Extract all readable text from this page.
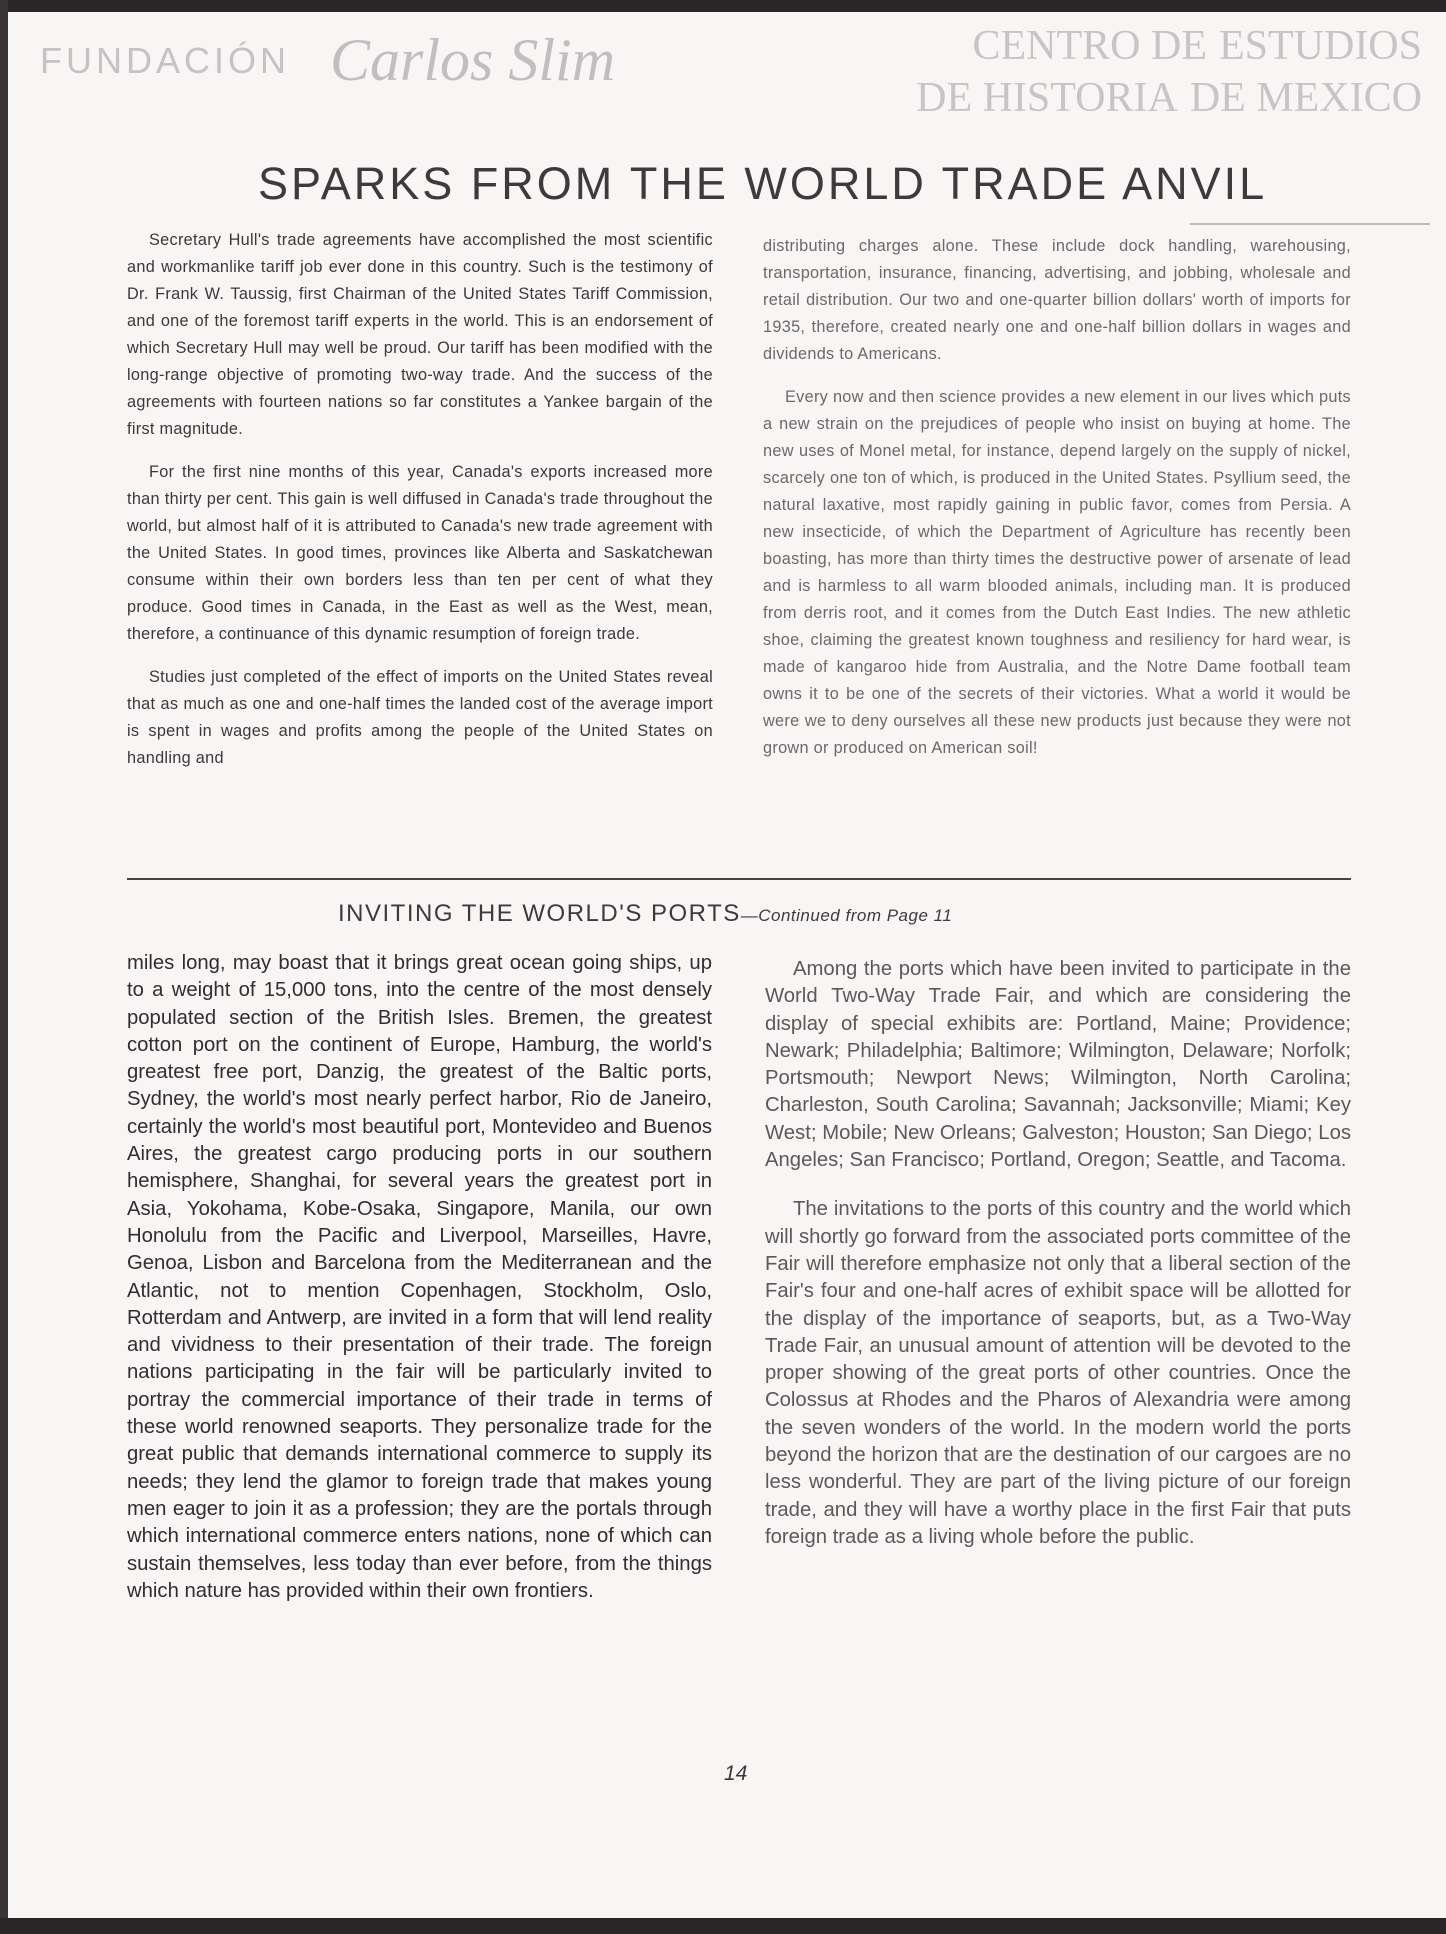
SPARKS FROM THE WORLD TRADE ANVIL

Secretary Hull's trade agreements have accomplished the most scientific and workmanlike tariff job ever done in this country. Such is the testimony of Dr. Frank W. Taussig, first Chairman of the United States Tariff Commission, and one of the foremost tariff experts in the world. This is an endorsement of which Secretary Hull may well be proud. Our tariff has been modified with the long-range objective of promoting two-way trade. And the success of the agreements with fourteen nations so far constitutes a Yankee bargain of the first magnitude.

For the first nine months of this year, Canada's exports increased more than thirty per cent. This gain is well diffused in Canada's trade throughout the world, but almost half of it is attributed to Canada's new trade agreement with the United States. In good times, provinces like Alberta and Saskatchewan consume within their own borders less than ten per cent of what they produce. Good times in Canada, in the East as well as the West, mean, therefore, a continuance of this dynamic resumption of foreign trade.

Studies just completed of the effect of imports on the United States reveal that as much as one and one-half times the landed cost of the average import is spent in wages and profits among the people of the United States on handling and

distributing charges alone. These include dock handling, warehousing, transportation, insurance, financing, advertising, and jobbing, wholesale and retail distribution. Our two and one-quarter billion dollars' worth of imports for 1935, therefore, created nearly one and one-half billion dollars in wages and dividends to Americans.

Every now and then science provides a new element in our lives which puts a new strain on the prejudices of people who insist on buying at home. The new uses of Monel metal, for instance, depend largely on the supply of nickel, scarcely one ton of which, is produced in the United States. Psyllium seed, the natural laxative, most rapidly gaining in public favor, comes from Persia. A new insecticide, of which the Department of Agriculture has recently been boasting, has more than thirty times the destructive power of arsenate of lead and is harmless to all warm blooded animals, including man. It is produced from derris root, and it comes from the Dutch East Indies. The new athletic shoe, claiming the greatest known toughness and resiliency for hard wear, is made of kangaroo hide from Australia, and the Notre Dame football team owns it to be one of the secrets of their victories. What a world it would be were we to deny ourselves all these new products just because they were not grown or produced on American soil!

INVITING THE WORLD'S PORTS—Continued from Page 11

miles long, may boast that it brings great ocean going ships, up to a weight of 15,000 tons, into the centre of the most densely populated section of the British Isles. Bremen, the greatest cotton port on the continent of Europe, Hamburg, the world's greatest free port, Danzig, the greatest of the Baltic ports, Sydney, the world's most nearly perfect harbor, Rio de Janeiro, certainly the world's most beautiful port, Montevideo and Buenos Aires, the greatest cargo producing ports in our southern hemisphere, Shanghai, for several years the greatest port in Asia, Yokohama, Kobe-Osaka, Singapore, Manila, our own Honolulu from the Pacific and Liverpool, Marseilles, Havre, Genoa, Lisbon and Barcelona from the Mediterranean and the Atlantic, not to mention Copenhagen, Stockholm, Oslo, Rotterdam and Antwerp, are invited in a form that will lend reality and vividness to their presentation of their trade. The foreign nations participating in the fair will be particularly invited to portray the commercial importance of their trade in terms of these world renowned seaports. They personalize trade for the great public that demands international commerce to supply its needs; they lend the glamor to foreign trade that makes young men eager to join it as a profession; they are the portals through which international commerce enters nations, none of which can sustain themselves, less today than ever before, from the things which nature has provided within their own frontiers.

Among the ports which have been invited to participate in the World Two-Way Trade Fair, and which are considering the display of special exhibits are: Portland, Maine; Providence; Newark; Philadelphia; Baltimore; Wilmington, Delaware; Norfolk; Portsmouth; Newport News; Wilmington, North Carolina; Charleston, South Carolina; Savannah; Jacksonville; Miami; Key West; Mobile; New Orleans; Galveston; Houston; San Diego; Los Angeles; San Francisco; Portland, Oregon; Seattle, and Tacoma.

The invitations to the ports of this country and the world which will shortly go forward from the associated ports committee of the Fair will therefore emphasize not only that a liberal section of the Fair's four and one-half acres of exhibit space will be allotted for the display of the importance of seaports, but, as a Two-Way Trade Fair, an unusual amount of attention will be devoted to the proper showing of the great ports of other countries. Once the Colossus at Rhodes and the Pharos of Alexandria were among the seven wonders of the world. In the modern world the ports beyond the horizon that are the destination of our cargoes are no less wonderful. They are part of the living picture of our foreign trade, and they will have a worthy place in the first Fair that puts foreign trade as a living whole before the public.

14
CENTRO DE ESTUDIOS
DE HISTORIA DE MEXICO
FUNDACIÓN Carlos Slim
